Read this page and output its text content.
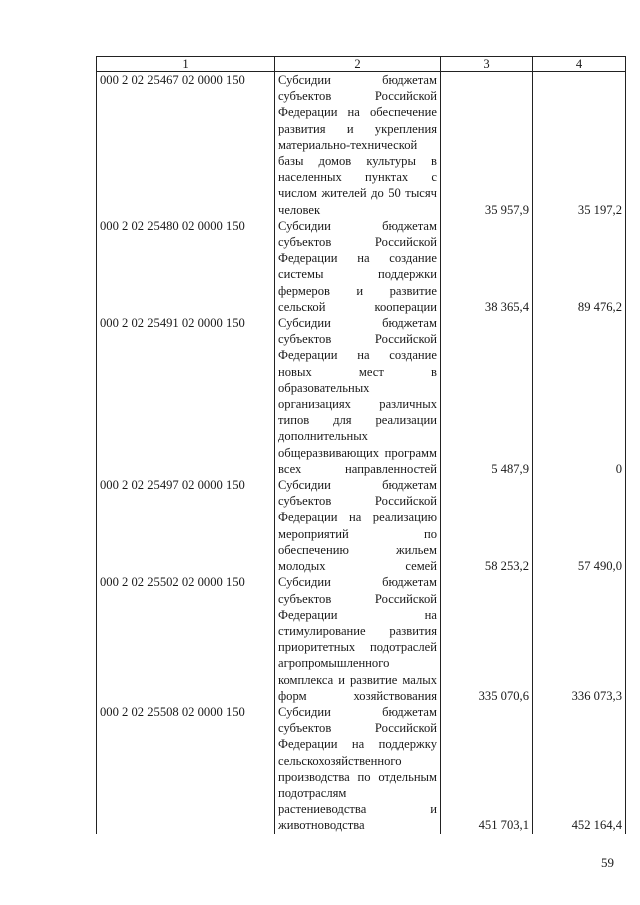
1	2	3	4
000 2 02 25467 02 0000 150	Субсидии бюджетам субъектов Российской Федерации на обеспечение развития и укрепления материально-технической базы домов культуры в населенных пунктах с числом жителей до 50 тысяч человек	35 957,9	35 197,2
000 2 02 25480 02 0000 150	Субсидии бюджетам субъектов Российской Федерации на создание системы поддержки фермеров и развитие сельской кооперации	38 365,4	89 476,2
000 2 02 25491 02 0000 150	Субсидии бюджетам субъектов Российской Федерации на создание новых мест в образовательных организациях различных типов для реализации дополнительных общеразвивающих программ всех направленностей	5 487,9	0
000 2 02 25497 02 0000 150	Субсидии бюджетам субъектов Российской Федерации на реализацию мероприятий по обеспечению жильем молодых семей	58 253,2	57 490,0
000 2 02 25502 02 0000 150	Субсидии бюджетам субъектов Российской Федерации на стимулирование развития приоритетных подотраслей агропромышленного комплекса и развитие малых форм хозяйствования	335 070,6	336 073,3
000 2 02 25508 02 0000 150	Субсидии бюджетам субъектов Российской Федерации на поддержку сельскохозяйственного производства по отдельным подотраслям растениеводства и животноводства	451 703,1	452 164,4
59
